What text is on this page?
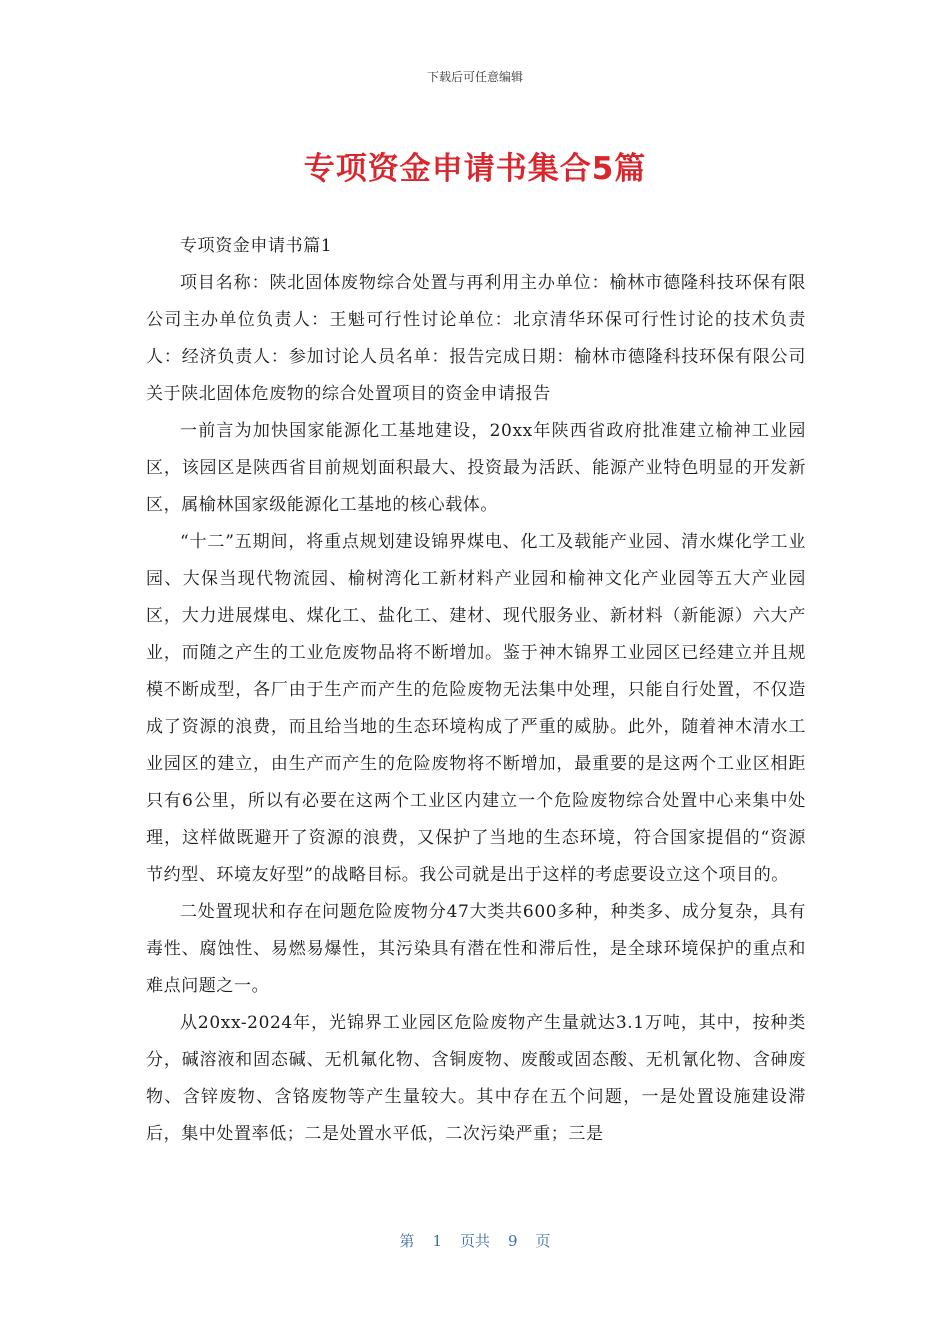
下载后可任意编辑
专项资金申请书集合5篇

专项资金申请书篇1

项目名称：陕北固体废物综合处置与再利用主办单位：榆林市德隆科技环保有限公司主办单位负责人：王魁可行性讨论单位：北京清华环保可行性讨论的技术负责人：经济负责人：参加讨论人员名单：报告完成日期：榆林市德隆科技环保有限公司关于陕北固体危废物的综合处置项目的资金申请报告

一前言为加快国家能源化工基地建设，20xx年陕西省政府批准建立榆神工业园区，该园区是陕西省目前规划面积最大、投资最为活跃、能源产业特色明显的开发新区，属榆林国家级能源化工基地的核心载体。

“十二”五期间，将重点规划建设锦界煤电、化工及载能产业园、清水煤化学工业园、大保当现代物流园、榆树湾化工新材料产业园和榆神文化产业园等五大产业园区，大力进展煤电、煤化工、盐化工、建材、现代服务业、新材料（新能源）六大产业，而随之产生的工业危废物品将不断增加。鉴于神木锦界工业园区已经建立并且规模不断成型，各厂由于生产而产生的危险废物无法集中处理，只能自行处置，不仅造成了资源的浪费，而且给当地的生态环境构成了严重的威胁。此外，随着神木清水工业园区的建立，由生产而产生的危险废物将不断增加，最重要的是这两个工业区相距只有6公里，所以有必要在这两个工业区内建立一个危险废物综合处置中心来集中处理，这样做既避开了资源的浪费，又保护了当地的生态环境，符合国家提倡的“资源节约型、环境友好型”的战略目标。我公司就是出于这样的考虑要设立这个项目的。

二处置现状和存在问题危险废物分47大类共600多种，种类多、成分复杂，具有毒性、腐蚀性、易燃易爆性，其污染具有潜在性和滞后性，是全球环境保护的重点和难点问题之一。

从20xx-2024年，光锦界工业园区危险废物产生量就达3.1万吨，其中，按种类分，碱溶液和固态碱、无机氟化物、含铜废物、废酸或固态酸、无机氰化物、含砷废物、含锌废物、含铬废物等产生量较大。其中存在五个问题，一是处置设施建设滞后，集中处置率低；二是处置水平低，二次污染严重；三是

第 1 页共 9 页
